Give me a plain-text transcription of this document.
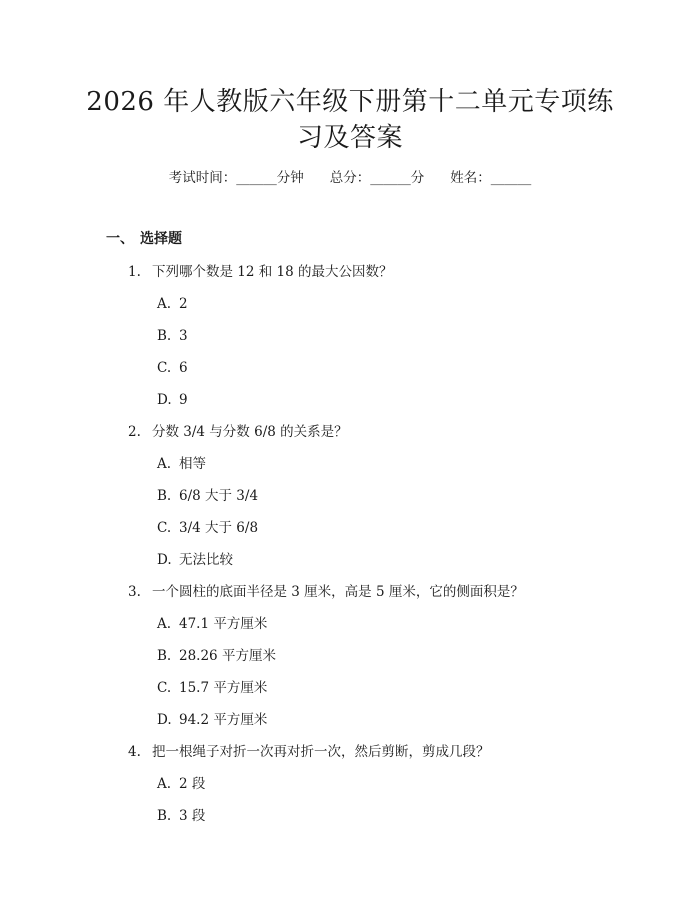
2026 年人教版六年级下册第十二单元专项练
习及答案
考试时间：______分钟 总分：______分 姓名：______
一、 选择题
1. 下列哪个数是 12 和 18 的最大公因数？
A. 2
B. 3
C. 6
D. 9
2. 分数 3/4 与分数 6/8 的关系是？
A. 相等
B. 6/8 大于 3/4
C. 3/4 大于 6/8
D. 无法比较
3. 一个圆柱的底面半径是 3 厘米，高是 5 厘米，它的侧面积是？
A. 47.1 平方厘米
B. 28.26 平方厘米
C. 15.7 平方厘米
D. 94.2 平方厘米
4. 把一根绳子对折一次再对折一次，然后剪断，剪成几段？
A. 2 段
B. 3 段
